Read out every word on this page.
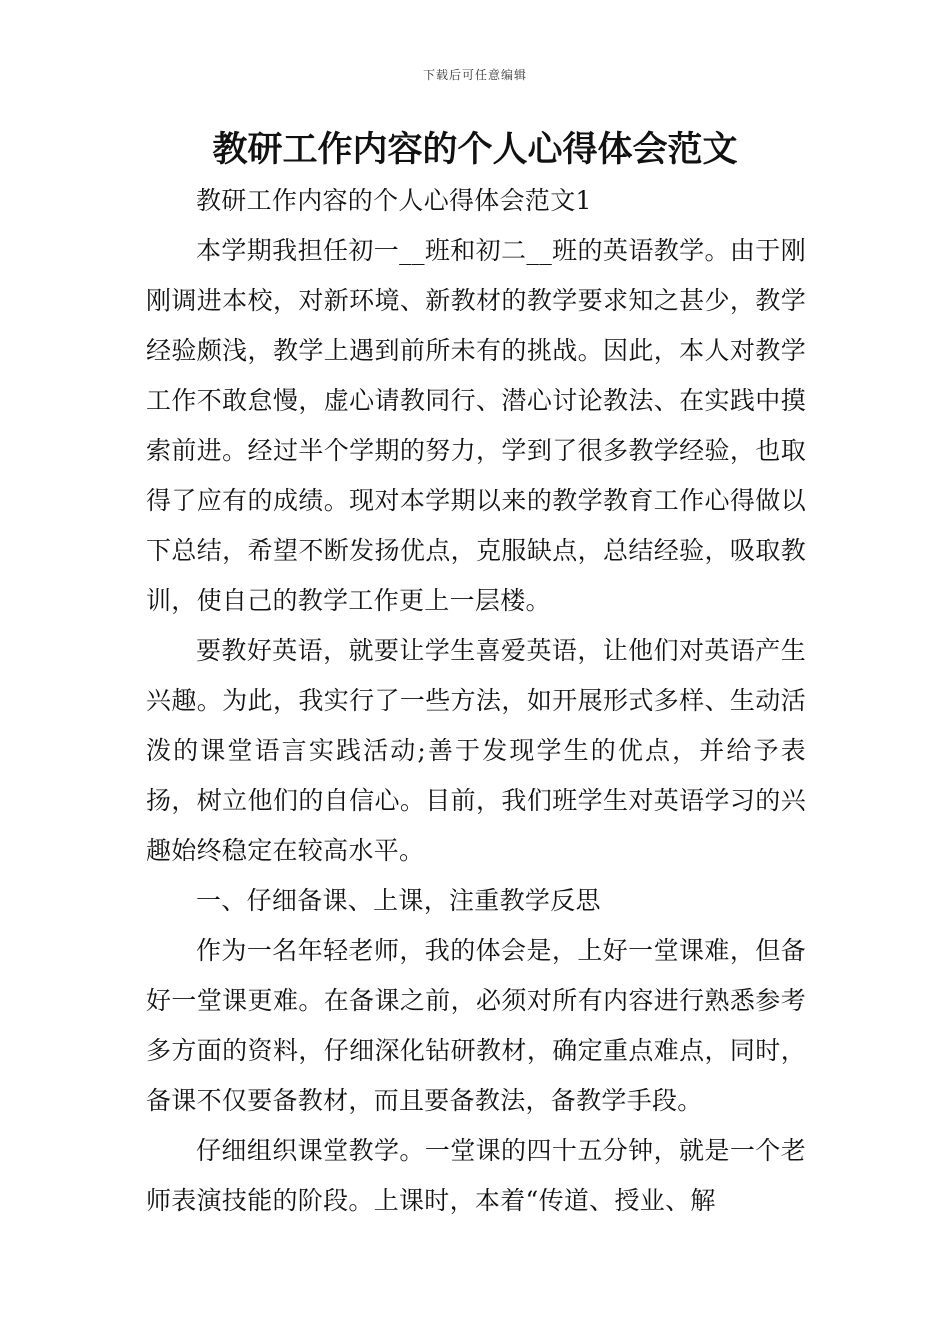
下载后可任意编辑
教研工作内容的个人心得体会范文

教研工作内容的个人心得体会范文1

本学期我担任初一__班和初二__班的英语教学。由于刚刚调进本校，对新环境、新教材的教学要求知之甚少，教学经验颇浅，教学上遇到前所未有的挑战。因此，本人对教学工作不敢怠慢，虚心请教同行、潜心讨论教法、在实践中摸索前进。经过半个学期的努力，学到了很多教学经验，也取得了应有的成绩。现对本学期以来的教学教育工作心得做以下总结，希望不断发扬优点，克服缺点，总结经验，吸取教训，使自己的教学工作更上一层楼。

要教好英语，就要让学生喜爱英语，让他们对英语产生兴趣。为此，我实行了一些方法，如开展形式多样、生动活泼的课堂语言实践活动;善于发现学生的优点，并给予表扬，树立他们的自信心。目前，我们班学生对英语学习的兴趣始终稳定在较高水平。

一、仔细备课、上课，注重教学反思

作为一名年轻老师，我的体会是，上好一堂课难，但备好一堂课更难。在备课之前，必须对所有内容进行熟悉参考多方面的资料，仔细深化钻研教材，确定重点难点，同时，备课不仅要备教材，而且要备教法，备教学手段。

仔细组织课堂教学。一堂课的四十五分钟，就是一个老师表演技能的阶段。上课时，本着“传道、授业、解
